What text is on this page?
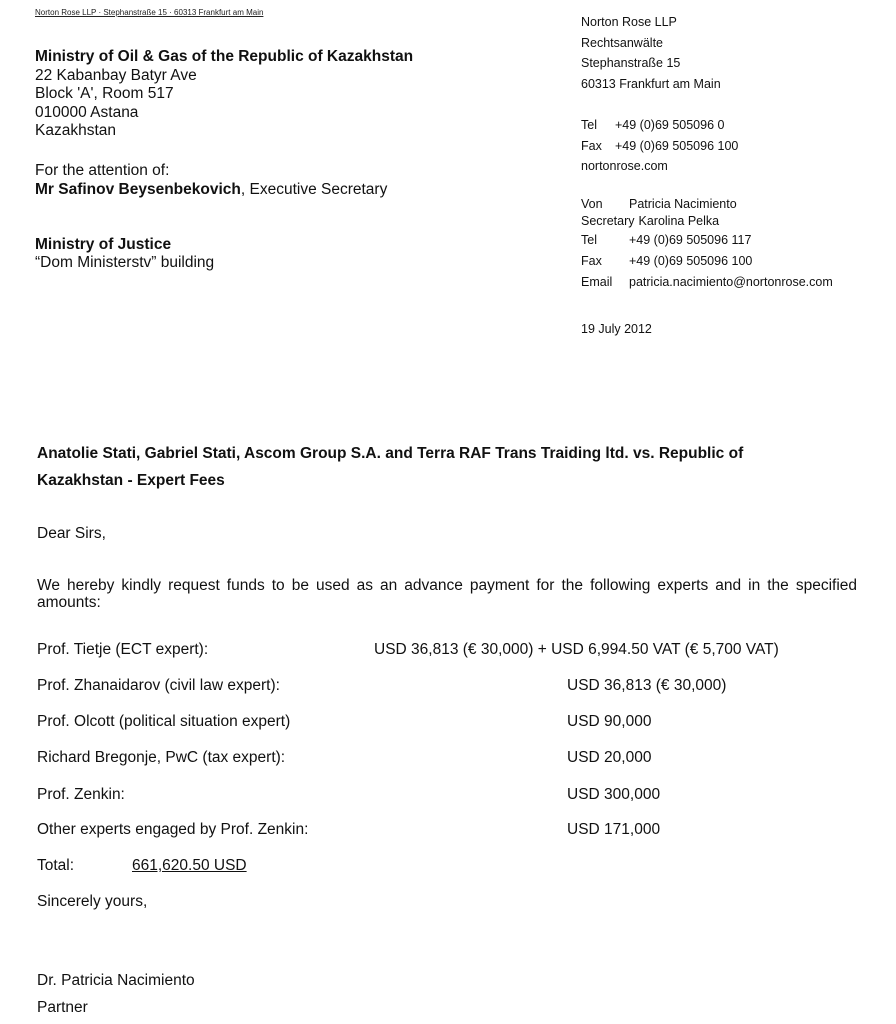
Norton Rose LLP · Stephanstraße 15 · 60313 Frankfurt am Main
Ministry of Oil & Gas of the Republic of Kazakhstan
22 Kabanbay Batyr Ave
Block 'A', Room 517
010000 Astana
Kazakhstan
For the attention of:
Mr Safinov Beysenbekovich, Executive Secretary
Ministry of Justice
“Dom Ministerstv” building
Norton Rose LLP
Rechtsanwälte
Stephanstraße 15
60313 Frankfurt am Main
Tel +49 (0)69 505096 0
Fax +49 (0)69 505096 100
nortonrose.com
Von Patricia Nacimiento
Secretary Karolina Pelka
Tel	+49 (0)69 505096 117
Fax +49 (0)69 505096 100
Email patricia.nacimiento@nortonrose.com
19 July 2012
Anatolie Stati, Gabriel Stati, Ascom Group S.A. and Terra RAF Trans Traiding ltd. vs. Republic of
Kazakhstan - Expert Fees
Dear Sirs,
We hereby kindly request funds to be used as an advance payment for the following experts and in the specified amounts:
Prof. Tietje (ECT expert):	USD 36,813 (€ 30,000) + USD 6,994.50 VAT (€ 5,700 VAT)
Prof. Zhanaidarov (civil law expert):	USD 36,813 (€ 30,000)
Prof. Olcott (political situation expert)	USD 90,000
Richard Bregonje, PwC (tax expert):	USD 20,000
Prof. Zenkin:	USD 300,000
Other experts engaged by Prof. Zenkin:	USD 171,000
Total:	661,620.50 USD
Sincerely yours,
Dr. Patricia Nacimiento
Partner
